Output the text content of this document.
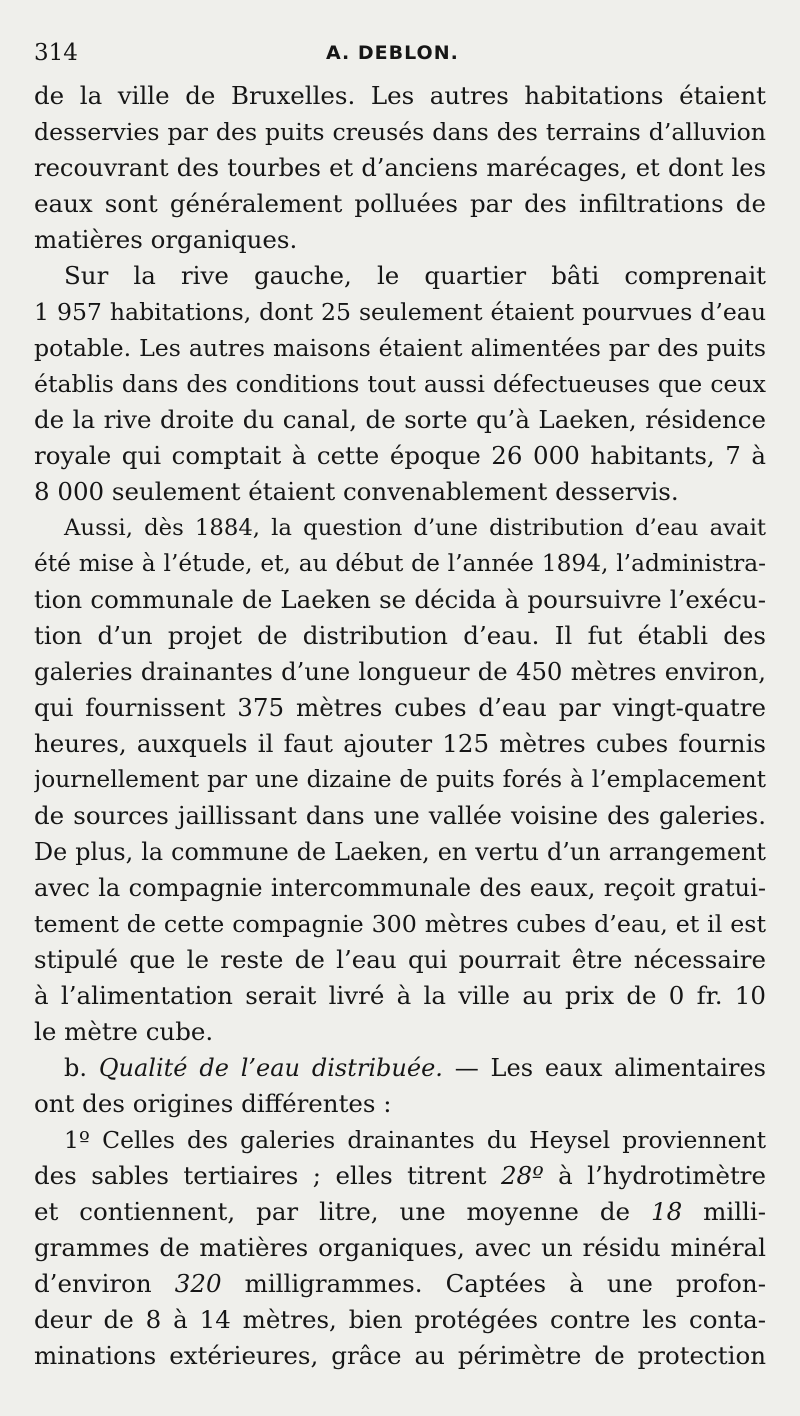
314	A. DEBLON.
de la ville de Bruxelles. Les autres habitations étaient
desservies par des puits creusés dans des terrains d’alluvion
recouvrant des tourbes et d’anciens marécages, et dont les
eaux sont généralement polluées par des infiltrations de
matières organiques.
Sur la rive gauche, le quartier bâti comprenait
1 957 habitations, dont 25 seulement étaient pourvues d’eau
potable. Les autres maisons étaient alimentées par des puits
établis dans des conditions tout aussi défectueuses que ceux
de la rive droite du canal, de sorte qu’à Laeken, résidence
royale qui comptait à cette époque 26 000 habitants, 7 à
8 000 seulement étaient convenablement desservis.
Aussi, dès 1884, la question d’une distribution d’eau avait
été mise à l’étude, et, au début de l’année 1894, l’administra-
tion communale de Laeken se décida à poursuivre l’exécu-
tion d’un projet de distribution d’eau. Il fut établi des
galeries drainantes d’une longueur de 450 mètres environ,
qui fournissent 375 mètres cubes d’eau par vingt-quatre
heures, auxquels il faut ajouter 125 mètres cubes fournis
journellement par une dizaine de puits forés à l’emplacement
de sources jaillissant dans une vallée voisine des galeries.
De plus, la commune de Laeken, en vertu d’un arrangement
avec la compagnie intercommunale des eaux, reçoit gratui-
tement de cette compagnie 300 mètres cubes d’eau, et il est
stipulé que le reste de l’eau qui pourrait être nécessaire
à l’alimentation serait livré à la ville au prix de 0 fr. 10
le mètre cube.
b. Qualité de l’eau distribuée. — Les eaux alimentaires
ont des origines différentes :
1º Celles des galeries drainantes du Heysel proviennent
des sables tertiaires ; elles titrent 28º à l’hydrotimètre
et contiennent, par litre, une moyenne de 18 milli-
grammes de matières organiques, avec un résidu minéral
d’environ 320 milligrammes. Captées à une profon-
deur de 8 à 14 mètres, bien protégées contre les conta-
minations extérieures, grâce au périmètre de protection
